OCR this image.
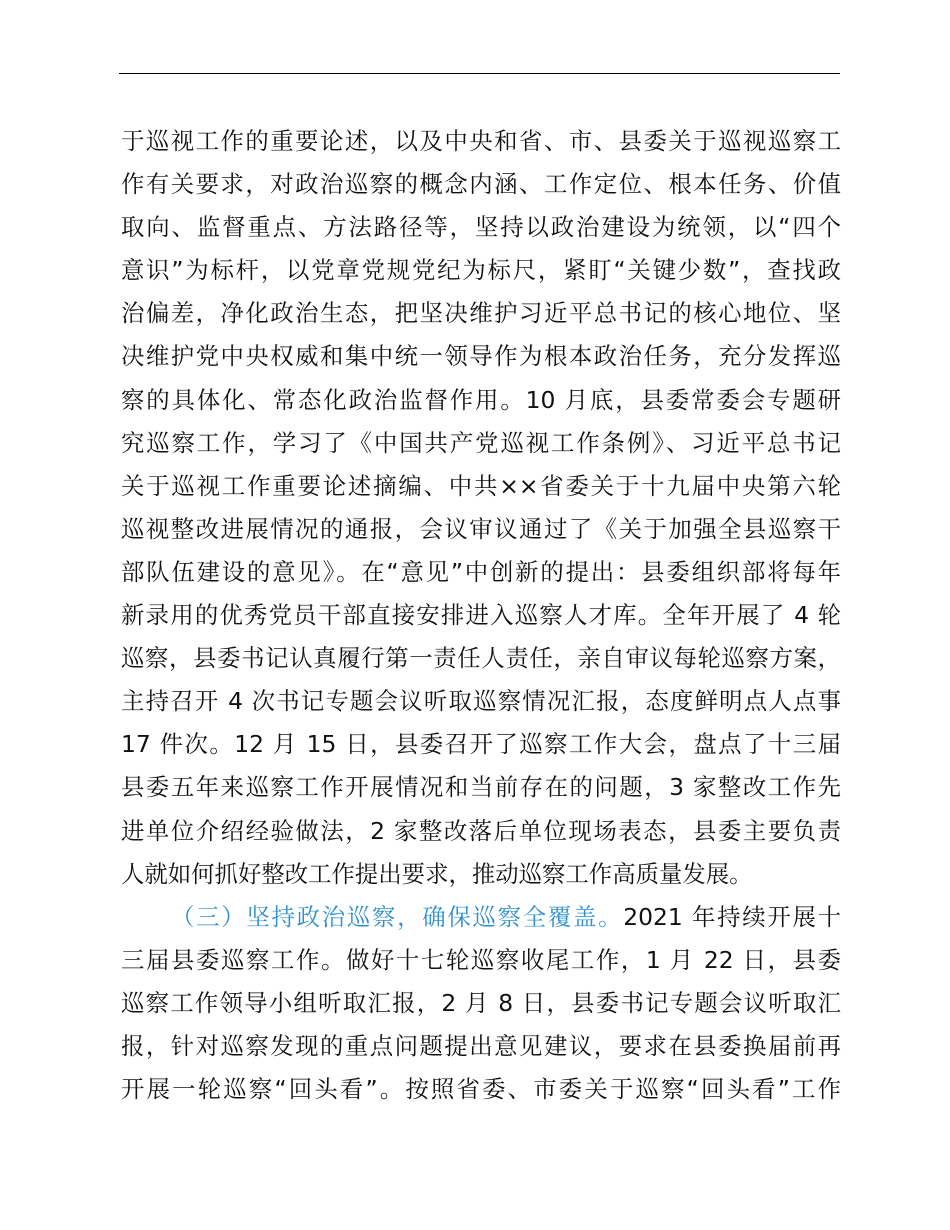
于巡视工作的重要论述，以及中央和省、市、县委关于巡视巡察工
作有关要求，对政治巡察的概念内涵、工作定位、根本任务、价值
取向、监督重点、方法路径等，坚持以政治建设为统领，以“四个
意识”为标杆，以党章党规党纪为标尺，紧盯“关键少数”，查找政
治偏差，净化政治生态，把坚决维护习近平总书记的核心地位、坚
决维护党中央权威和集中统一领导作为根本政治任务，充分发挥巡
察的具体化、常态化政治监督作用。10 月底，县委常委会专题研
究巡察工作，学习了《中国共产党巡视工作条例》、习近平总书记
关于巡视工作重要论述摘编、中共××省委关于十九届中央第六轮
巡视整改进展情况的通报，会议审议通过了《关于加强全县巡察干
部队伍建设的意见》。在“意见”中创新的提出：县委组织部将每年
新录用的优秀党员干部直接安排进入巡察人才库。全年开展了 4 轮
巡察，县委书记认真履行第一责任人责任，亲自审议每轮巡察方案，
主持召开 4 次书记专题会议听取巡察情况汇报，态度鲜明点人点事
17 件次。12 月 15 日，县委召开了巡察工作大会，盘点了十三届
县委五年来巡察工作开展情况和当前存在的问题，3 家整改工作先
进单位介绍经验做法，2 家整改落后单位现场表态，县委主要负责
人就如何抓好整改工作提出要求，推动巡察工作高质量发展。
（三）坚持政治巡察，确保巡察全覆盖。2021 年持续开展十
三届县委巡察工作。做好十七轮巡察收尾工作，1 月 22 日，县委
巡察工作领导小组听取汇报，2 月 8 日，县委书记专题会议听取汇
报，针对巡察发现的重点问题提出意见建议，要求在县委换届前再
开展一轮巡察“回头看”。按照省委、市委关于巡察“回头看”工作
